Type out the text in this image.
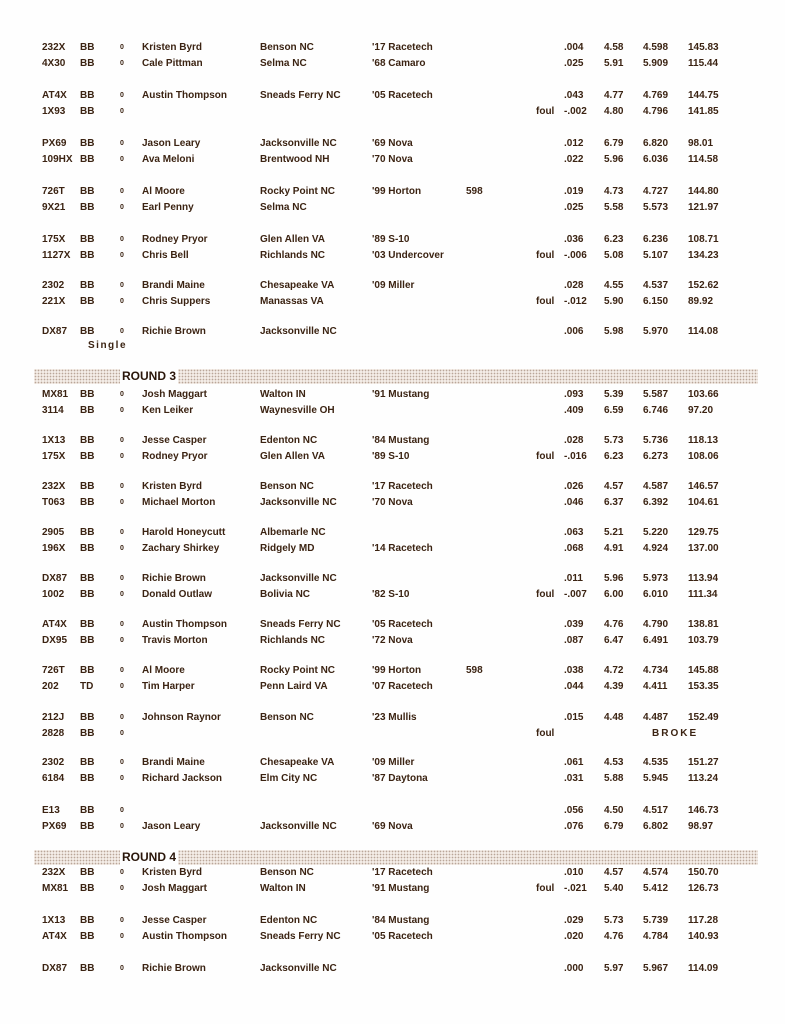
Single
ROUND 3
ROUND 4
232X BB	0 Kristen Byrd	Benson NC	'17 Racetech	.004	4.58	4.598	145.83
4X30 BB	0 Cale Pittman	Selma NC	'68 Camaro	.025	5.91	5.909	115.44
AT4X BB	0 Austin Thompson	Sneads Ferry NC	'05 Racetech	.043	4.77	4.769	144.75
1X93 BB	0	foul -.002	4.80	4.796	141.85
PX69 BB	0 Jason Leary	Jacksonville NC	'69 Nova	.012	6.79	6.820	98.01
109HX BB	0 Ava Meloni	Brentwood NH	'70 Nova	.022	5.96	6.036	114.58
726T BB	0 Al Moore	Rocky Point NC	'99 Horton	598	.019	4.73	4.727	144.80
9X21 BB	0 Earl Penny	Selma NC	.025	5.58	5.573	121.97
175X BB	0 Rodney Pryor	Glen Allen VA	'89 S-10	.036	6.23	6.236	108.71
1127X BB	0 Chris Bell	Richlands NC	'03 Undercover	foul -.006	5.08	5.107	134.23
2302 BB	0 Brandi Maine	Chesapeake VA	'09 Miller	.028	4.55	4.537	152.62
221X BB	0 Chris Suppers	Manassas VA	foul -.012	5.90	6.150	89.92
DX87 BB	0 Richie Brown	Jacksonville NC	.006	5.98	5.970	114.08
MX81 BB	0 Josh Maggart	Walton IN	'91 Mustang	.093	5.39	5.587	103.66
3114 BB	0 Ken Leiker	Waynesville OH	.409	6.59	6.746	97.20
1X13 BB	0 Jesse Casper	Edenton NC	'84 Mustang	.028	5.73	5.736	118.13
175X BB	0 Rodney Pryor	Glen Allen VA	'89 S-10	foul -.016	6.23	6.273	108.06
232X BB	0 Kristen Byrd	Benson NC	'17 Racetech	.026	4.57	4.587	146.57
T063 BB	0 Michael Morton	Jacksonville NC	'70 Nova	.046	6.37	6.392	104.61
2905 BB	0 Harold Honeycutt	Albemarle NC	.063	5.21	5.220	129.75
196X BB	0 Zachary Shirkey	Ridgely MD	'14 Racetech	.068	4.91	4.924	137.00
DX87 BB	0 Richie Brown	Jacksonville NC	.011	5.96	5.973	113.94
1002 BB	0 Donald Outlaw	Bolivia NC	'82 S-10	foul -.007	6.00	6.010	111.34
AT4X BB	0 Austin Thompson	Sneads Ferry NC	'05 Racetech	.039	4.76	4.790	138.81
DX95 BB	0 Travis Morton	Richlands NC	'72 Nova	.087	6.47	6.491	103.79
726T BB	0 Al Moore	Rocky Point NC	'99 Horton	598	.038	4.72	4.734	145.88
202 TD	0 Tim Harper	Penn Laird VA	'07 Racetech	.044	4.39	4.411	153.35
212J BB	0 Johnson Raynor	Benson NC	'23 Mullis	.015	4.48	4.487	152.49
2828 BB	0	foul	BROKE
2302 BB	0 Brandi Maine	Chesapeake VA	'09 Miller	.061	4.53	4.535	151.27
6184 BB	0 Richard Jackson	Elm City NC	'87 Daytona	.031	5.88	5.945	113.24
E13 BB	0	.056	4.50	4.517	146.73
PX69 BB	0 Jason Leary	Jacksonville NC	'69 Nova	.076	6.79	6.802	98.97
232X BB	0 Kristen Byrd	Benson NC	'17 Racetech	.010	4.57	4.574	150.70
MX81 BB	0 Josh Maggart	Walton IN	'91 Mustang	foul -.021	5.40	5.412	126.73
1X13 BB	0 Jesse Casper	Edenton NC	'84 Mustang	.029	5.73	5.739	117.28
AT4X BB	0 Austin Thompson	Sneads Ferry NC	'05 Racetech	.020	4.76	4.784	140.93
DX87 BB	0 Richie Brown	Jacksonville NC	.000	5.97	5.967	114.09
